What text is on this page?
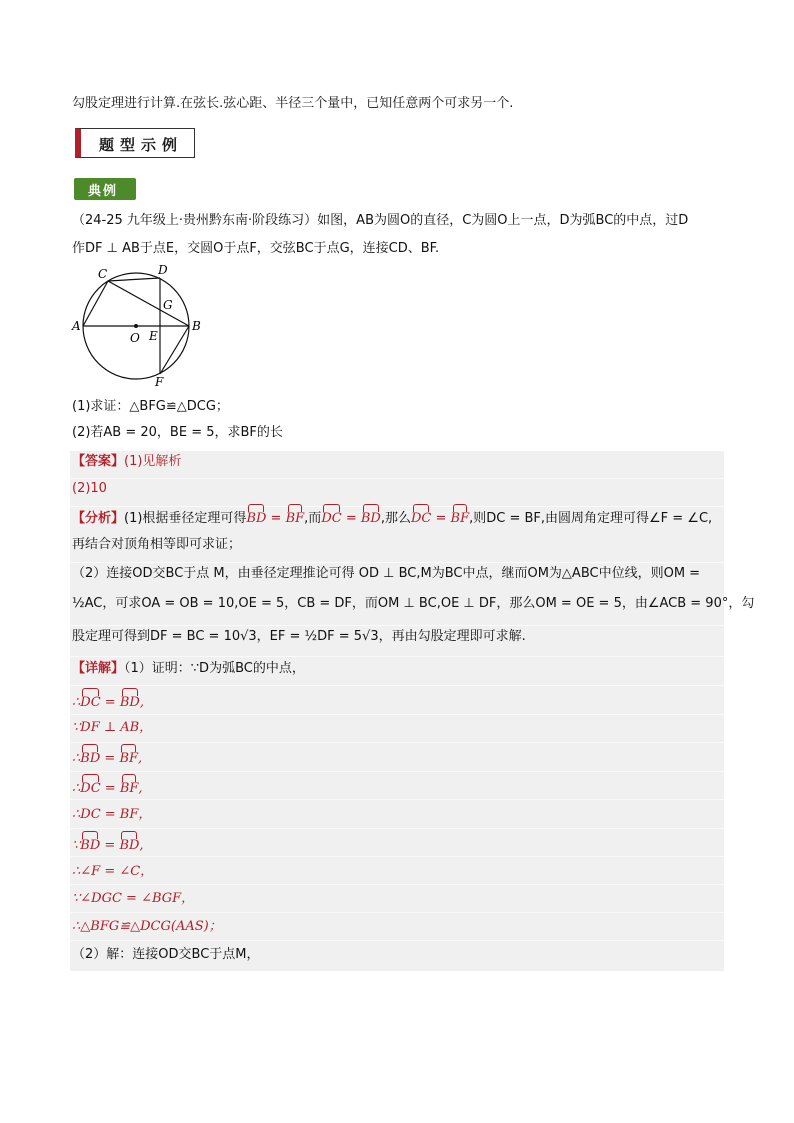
勾股定理进行计算.在弦长.弦心距、半径三个量中，已知任意两个可求另一个.
题型示例
典例
（24-25 九年级上·贵州黔东南·阶段练习）如图，AB为圆O的直径，C为圆O上一点，D为弧BC的中点，过D
作DF ⊥ AB于点E，交圆O于点F，交弦BC于点G，连接CD、BF.
A	B
C	D
G
O E
F
(1)求证：△BFG≌△DCG；
(2)若AB = 20，BE = 5，求BF的长
【答案】(1)见解析
(2)10
【分析】(1)根据垂径定理可得BD = BF,而DC = BD,那么DC = BF,则DC = BF,由圆周角定理可得∠F = ∠C,
再结合对顶角相等即可求证；
（2）连接OD交BC于点 M，由垂径定理推论可得 OD ⊥ BC,M为BC中点，继而OM为△ABC中位线，则OM =
½AC，可求OA = OB = 10,OE = 5，CB = DF，而OM ⊥ BC,OE ⊥ DF，那么OM = OE = 5，由∠ACB = 90°，勾
股定理可得到DF = BC = 10√3，EF = ½DF = 5√3，再由勾股定理即可求解.
【详解】（1）证明：∵D为弧BC的中点，
∴DC = BD,
∵DF ⊥ AB，
∴BD = BF,
∴DC = BF,
∴DC = BF，
∵BD = BD,
∴∠F = ∠C，
∵∠DGC = ∠BGF，
∴△BFG≌△DCG(AAS)；
（2）解：连接OD交BC于点M，
